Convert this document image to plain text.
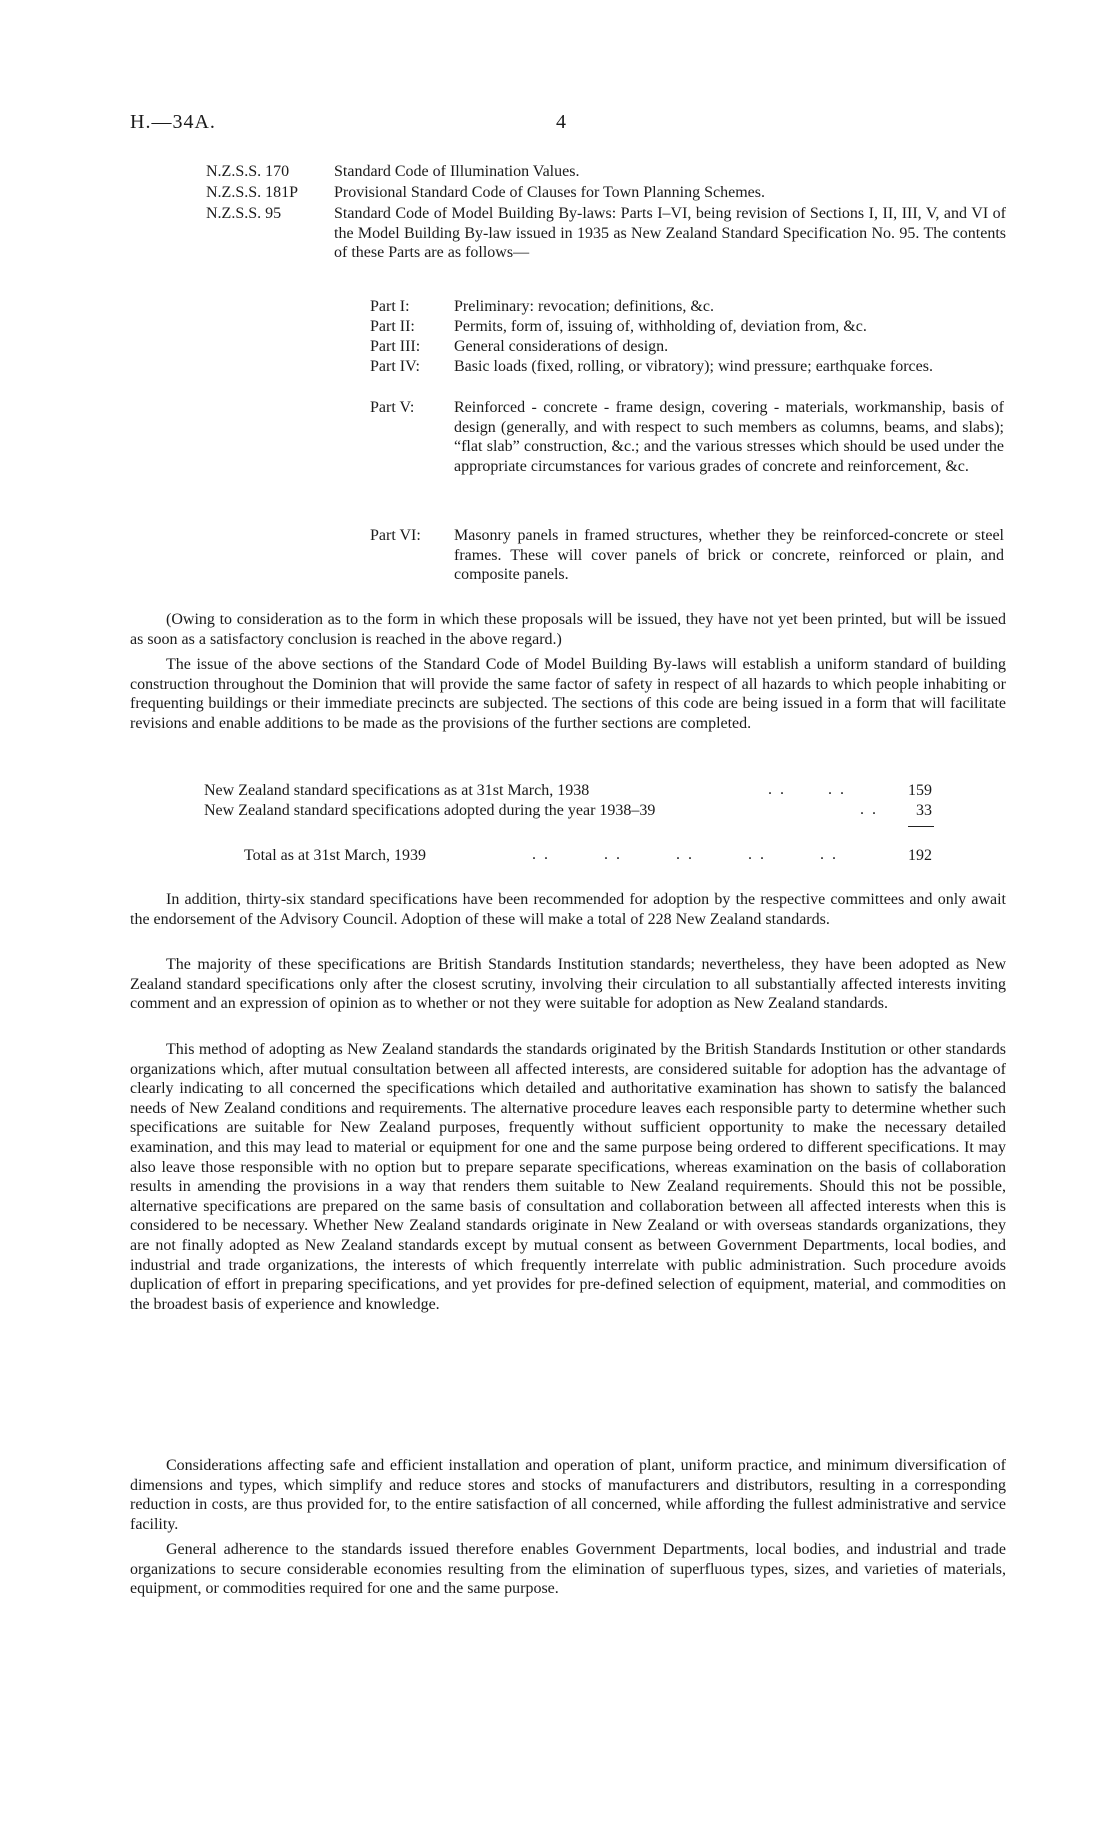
H.—34A.	4
N.Z.S.S. 170	Standard Code of Illumination Values.
N.Z.S.S. 181P Provisional Standard Code of Clauses for Town Planning Schemes.
N.Z.S.S. 95	Standard Code of Model Building By-laws: Parts I–VI, being revision of Sections I, II, III, V, and VI of the Model Building By-law issued in 1935 as New Zealand Standard Specification No. 95. The contents of these Parts are as follows—
Part I:	Preliminary: revocation; definitions, &c.
Part II:	Permits, form of, issuing of, withholding of, deviation from, &c.
Part III:	General considerations of design.
Part IV:	Basic loads (fixed, rolling, or vibratory); wind pressure; earthquake forces.
Part V:	Reinforced - concrete - frame design, covering - materials, workmanship, basis of design (generally, and with respect to such members as columns, beams, and slabs); “flat slab” construction, &c.; and the various stresses which should be used under the appropriate circumstances for various grades of concrete and reinforcement, &c.
Part VI:	Masonry panels in framed structures, whether they be reinforced-concrete or steel frames. These will cover panels of brick or concrete, reinforced or plain, and composite panels.
(Owing to consideration as to the form in which these proposals will be issued, they have not yet been printed, but will be issued as soon as a satisfactory conclusion is reached in the above regard.)
The issue of the above sections of the Standard Code of Model Building By-laws will establish a uniform standard of building construction throughout the Dominion that will provide the same factor of safety in respect of all hazards to which people inhabiting or frequenting buildings or their immediate precincts are subjected. The sections of this code are being issued in a form that will facilitate revisions and enable additions to be made as the provisions of the further sections are completed.
New Zealand standard specifications as at 31st March, 1938	159
. .       . .
New Zealand standard specifications adopted during the year 1938–39	33
. .
Total as at 31st March, 1939	192
. .         . .         . .         . .         . .
In addition, thirty-six standard specifications have been recommended for adoption by the respective committees and only await the endorsement of the Advisory Council. Adoption of these will make a total of 228 New Zealand standards.
The majority of these specifications are British Standards Institution standards; nevertheless, they have been adopted as New Zealand standard specifications only after the closest scrutiny, involving their circulation to all substantially affected interests inviting comment and an expression of opinion as to whether or not they were suitable for adoption as New Zealand standards.
This method of adopting as New Zealand standards the standards originated by the British Standards Institution or other standards organizations which, after mutual consultation between all affected interests, are considered suitable for adoption has the advantage of clearly indicating to all concerned the specifications which detailed and authoritative examination has shown to satisfy the balanced needs of New Zealand conditions and requirements. The alternative procedure leaves each responsible party to determine whether such specifications are suitable for New Zealand purposes, frequently without sufficient opportunity to make the necessary detailed examination, and this may lead to material or equipment for one and the same purpose being ordered to different specifications. It may also leave those responsible with no option but to prepare separate specifications, whereas examination on the basis of collaboration results in amending the provisions in a way that renders them suitable to New Zealand requirements. Should this not be possible, alternative specifications are prepared on the same basis of consultation and collaboration between all affected interests when this is considered to be necessary. Whether New Zealand standards originate in New Zealand or with overseas standards organizations, they are not finally adopted as New Zealand standards except by mutual consent as between Government Departments, local bodies, and industrial and trade organizations, the interests of which frequently interrelate with public administration. Such procedure avoids duplication of effort in preparing specifications, and yet provides for pre-defined selection of equipment, material, and commodities on the broadest basis of experience and knowledge.
Considerations affecting safe and efficient installation and operation of plant, uniform practice, and minimum diversification of dimensions and types, which simplify and reduce stores and stocks of manufacturers and distributors, resulting in a corresponding reduction in costs, are thus provided for, to the entire satisfaction of all concerned, while affording the fullest administrative and service facility.
General adherence to the standards issued therefore enables Government Departments, local bodies, and industrial and trade organizations to secure considerable economies resulting from the elimination of superfluous types, sizes, and varieties of materials, equipment, or commodities required for one and the same purpose.
